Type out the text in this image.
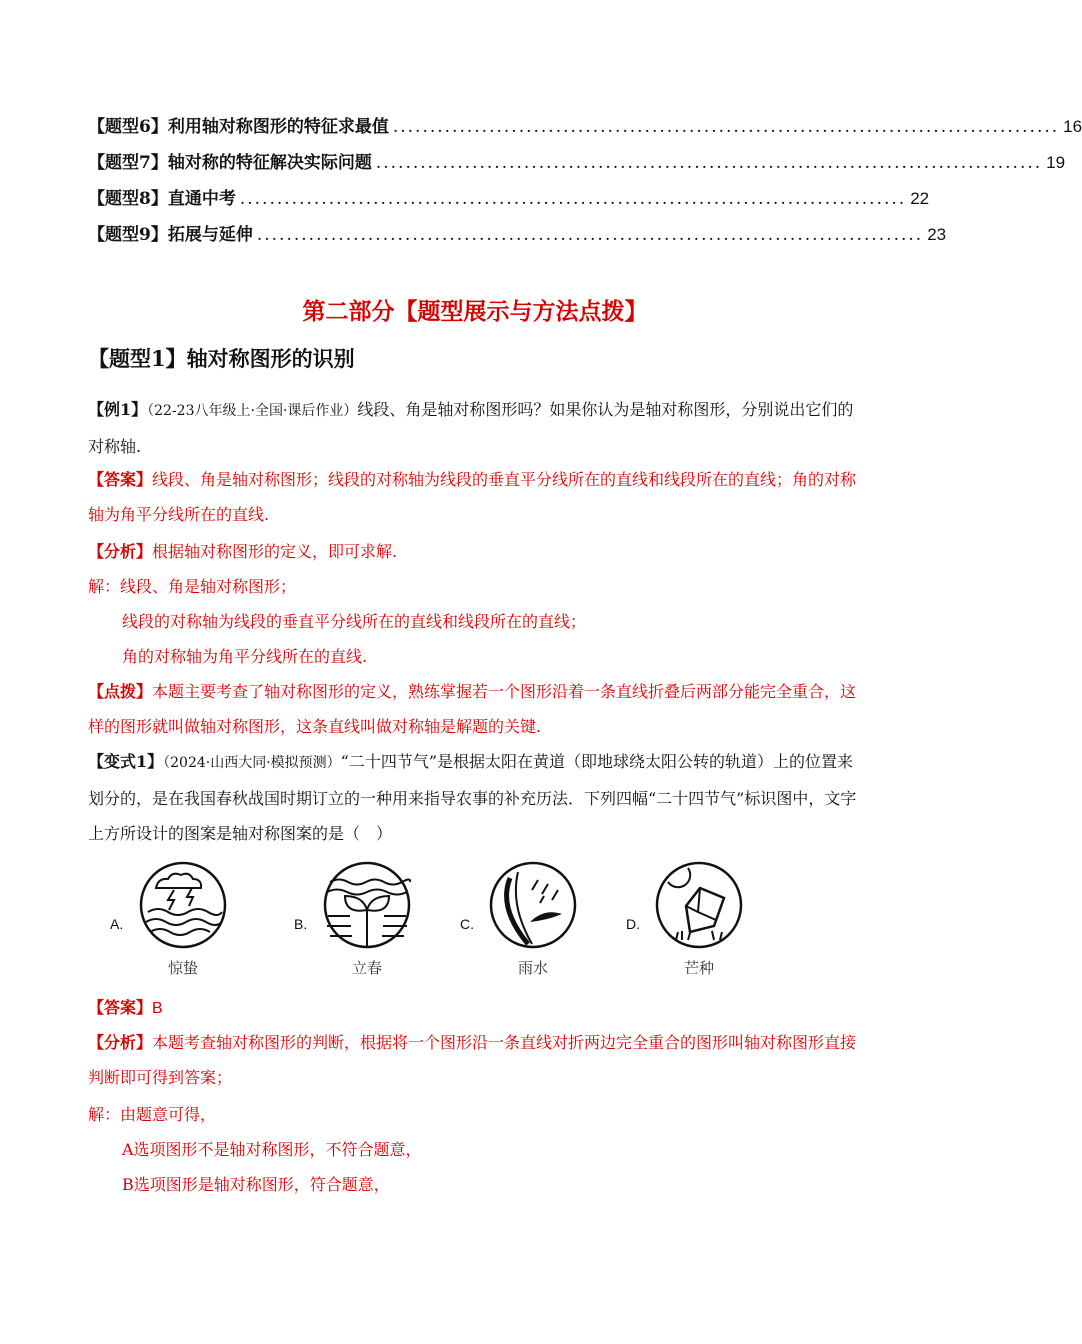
【题型6】利用轴对称图形的特征求最值 .......................................................................................... 16
【题型7】轴对称的特征解决实际问题 .......................................................................................... 19
【题型8】直通中考 .......................................................................................... 22
【题型9】拓展与延伸 .......................................................................................... 23
第二部分【题型展示与方法点拨】
【题型1】轴对称图形的识别
【例1】（22-23八年级上·全国·课后作业）线段、角是轴对称图形吗？如果你认为是轴对称图形，分别说出它们的对称轴.
【答案】线段、角是轴对称图形；线段的对称轴为线段的垂直平分线所在的直线和线段所在的直线；角的对称轴为角平分线所在的直线.
【分析】根据轴对称图形的定义，即可求解.
解：线段、角是轴对称图形；
线段的对称轴为线段的垂直平分线所在的直线和线段所在的直线；
角的对称轴为角平分线所在的直线.
【点拨】本题主要考查了轴对称图形的定义，熟练掌握若一个图形沿着一条直线折叠后两部分能完全重合，这样的图形就叫做轴对称图形，这条直线叫做对称轴是解题的关键.
【变式1】（2024·山西大同·模拟预测）“二十四节气”是根据太阳在黄道（即地球绕太阳公转的轨道）上的位置来划分的，是在我国春秋战国时期订立的一种用来指导农事的补充历法．下列四幅“二十四节气”标识图中，文字上方所设计的图案是轴对称图案的是（　）
A.
惊蛰
B.
立春
C.
雨水
D.
芒种
【答案】B
【分析】本题考查轴对称图形的判断，根据将一个图形沿一条直线对折两边完全重合的图形叫轴对称图形直接判断即可得到答案；
解：由题意可得，
A选项图形不是轴对称图形，不符合题意，
B选项图形是轴对称图形，符合题意，
